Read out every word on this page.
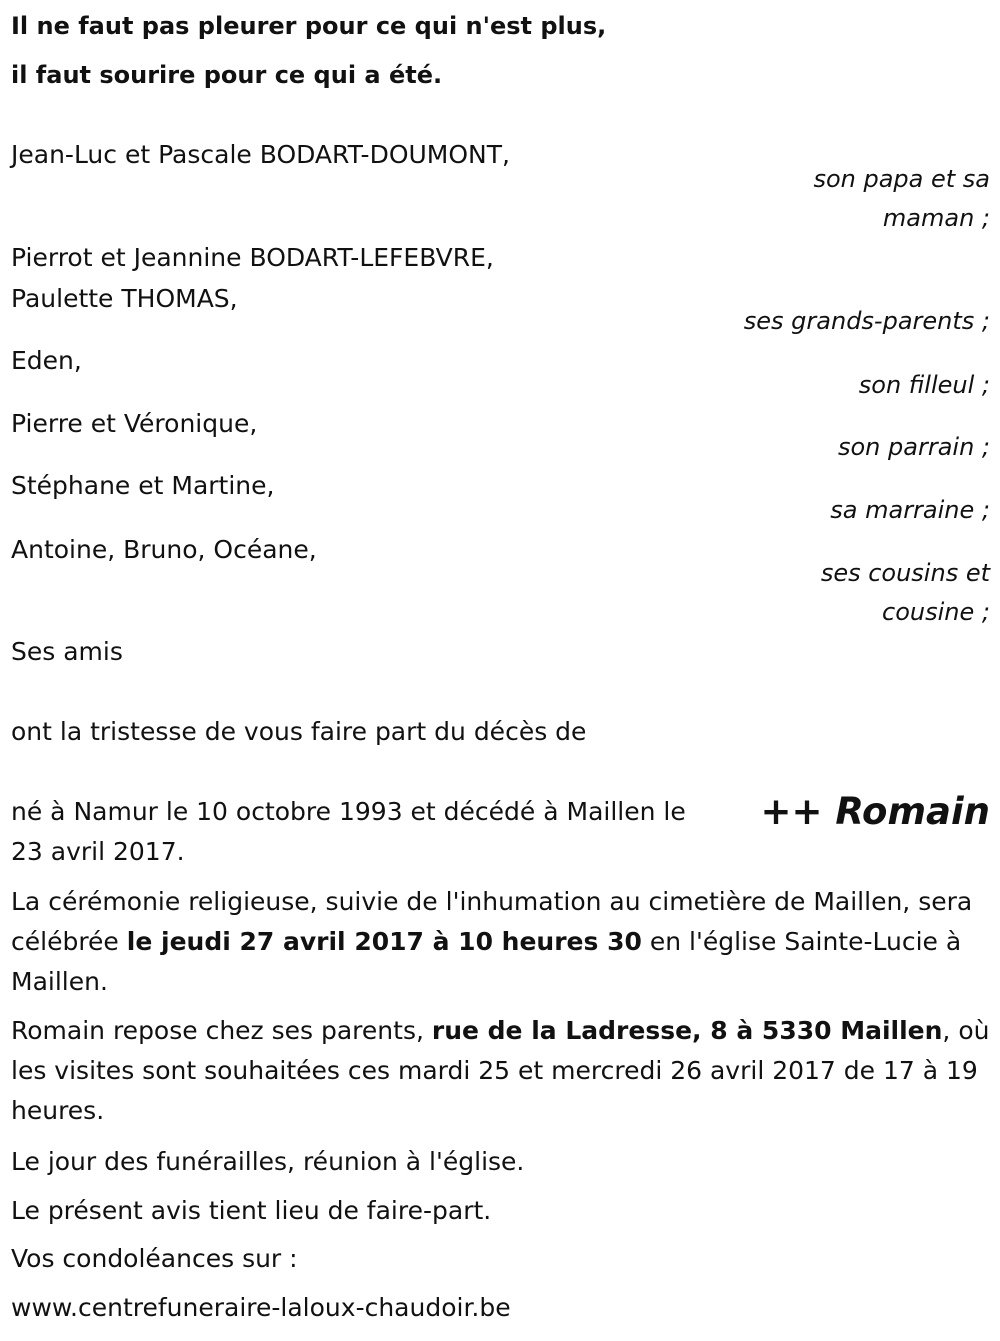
Il ne faut pas pleurer pour ce qui n'est plus,
il faut sourire pour ce qui a été.
Jean-Luc et Pascale BODART-DOUMONT,
son papa et sa
maman ;
Pierrot et Jeannine BODART-LEFEBVRE,
Paulette THOMAS,
ses grands-parents ;
Eden,
son filleul ;
Pierre et Véronique,
son parrain ;
Stéphane et Martine,
sa marraine ;
Antoine, Bruno, Océane,
ses cousins et
cousine ;
Ses amis
ont la tristesse de vous faire part du décès de
++ Romain
né à Namur le 10 octobre 1993 et décédé à Maillen le
23 avril 2017.
La cérémonie religieuse, suivie de l'inhumation au cimetière de Maillen, sera célébrée le jeudi 27 avril 2017 à 10 heures 30 en l'église Sainte-Lucie à Maillen.
Romain repose chez ses parents, rue de la Ladresse, 8 à 5330 Maillen, où les visites sont souhaitées ces mardi 25 et mercredi 26 avril 2017 de 17 à 19 heures.
Le jour des funérailles, réunion à l'église.
Le présent avis tient lieu de faire-part.
Vos condoléances sur :
www.centrefuneraire-laloux-chaudoir.be
